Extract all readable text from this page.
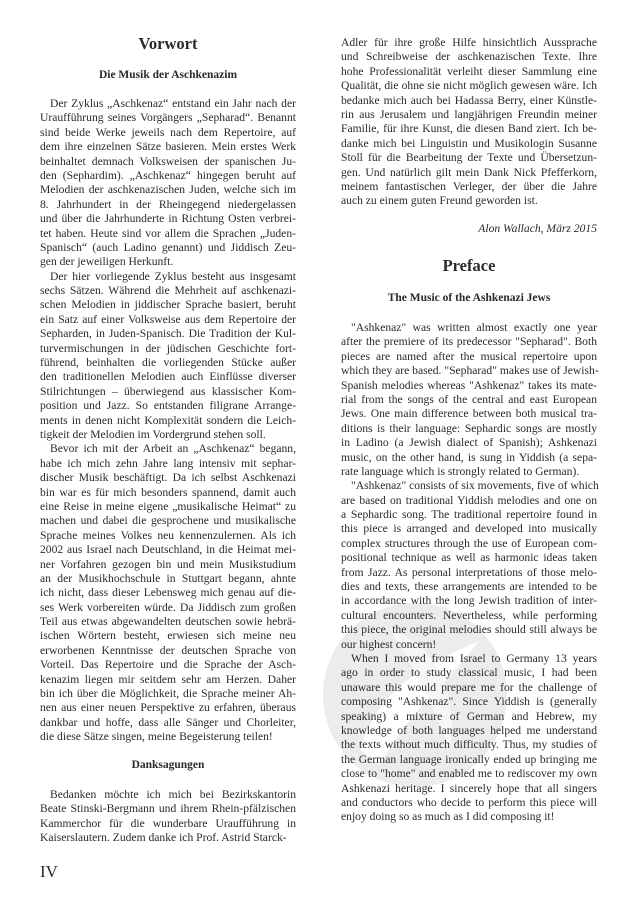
Vorwort
Die Musik der Aschkenazim
Der Zyklus „Aschkenaz“ entstand ein Jahr nach der
Uraufführung seines Vorgängers „Sepharad“. Benannt
sind beide Werke jeweils nach dem Repertoire, auf
dem ihre einzelnen Sätze basieren. Mein erstes Werk
beinhaltet demnach Volksweisen der spanischen Ju-
den (Sephardim). „Aschkenaz“ hingegen beruht auf
Melodien der aschkenazischen Juden, welche sich im
8. Jahrhundert in der Rheingegend niedergelassen
und über die Jahrhunderte in Richtung Osten verbrei-
tet haben. Heute sind vor allem die Sprachen „Juden-
Spanisch“ (auch Ladino genannt) und Jiddisch Zeu-
gen der jeweiligen Herkunft.
Der hier vorliegende Zyklus besteht aus insgesamt
sechs Sätzen. Während die Mehrheit auf aschkenazi-
schen Melodien in jiddischer Sprache basiert, beruht
ein Satz auf einer Volksweise aus dem Repertoire der
Sepharden, in Juden-Spanisch. Die Tradition der Kul-
turvermischungen in der jüdischen Geschichte fort-
führend, beinhalten die vorliegenden Stücke außer
den traditionellen Melodien auch Einflüsse diverser
Stilrichtungen – überwiegend aus klassischer Kom-
position und Jazz. So entstanden filigrane Arrange-
ments in denen nicht Komplexität sondern die Leich-
tigkeit der Melodien im Vordergrund stehen soll.
Bevor ich mit der Arbeit an „Aschkenaz“ begann,
habe ich mich zehn Jahre lang intensiv mit sephar-
discher Musik beschäftigt. Da ich selbst Aschkenazi
bin war es für mich besonders spannend, damit auch
eine Reise in meine eigene „musikalische Heimat“ zu
machen und dabei die gesprochene und musikalische
Sprache meines Volkes neu kennenzulernen. Als ich
2002 aus Israel nach Deutschland, in die Heimat mei-
ner Vorfahren gezogen bin und mein Musikstudium
an der Musikhochschule in Stuttgart begann, ahnte
ich nicht, dass dieser Lebensweg mich genau auf die-
ses Werk vorbereiten würde. Da Jiddisch zum großen
Teil aus etwas abgewandelten deutschen sowie hebrä-
ischen Wörtern besteht, erwiesen sich meine neu
erworbenen Kenntnisse der deutschen Sprache von
Vorteil. Das Repertoire und die Sprache der Asch-
kenazim liegen mir seitdem sehr am Herzen. Daher
bin ich über die Möglichkeit, die Sprache meiner Ah-
nen aus einer neuen Perspektive zu erfahren, überaus
dankbar und hoffe, dass alle Sänger und Chorleiter,
die diese Sätze singen, meine Begeisterung teilen!
Danksagungen
Bedanken möchte ich mich bei Bezirkskantorin
Beate Stinski-Bergmann und ihrem Rhein-pfälzischen
Kammerchor für die wunderbare Uraufführung in
Kaiserslautern. Zudem danke ich Prof. Astrid Starck-
IV
Adler für ihre große Hilfe hinsichtlich Aussprache
und Schreibweise der aschkenazischen Texte. Ihre
hohe Professionalität verleiht dieser Sammlung eine
Qualität, die ohne sie nicht möglich gewesen wäre. Ich
bedanke mich auch bei Hadassa Berry, einer Künstle-
rin aus Jerusalem und langjährigen Freundin meiner
Familie, für ihre Kunst, die diesen Band ziert. Ich be-
danke mich bei Linguistin und Musikologin Susanne
Stoll für die Bearbeitung der Texte und Übersetzun-
gen. Und natürlich gilt mein Dank Nick Pfefferkorn,
meinem fantastischen Verleger, der über die Jahre
auch zu einem guten Freund geworden ist.
Alon Wallach, März 2015
Preface
The Music of the Ashkenazi Jews
"Ashkenaz" was written almost exactly one year
after the premiere of its predecessor "Sepharad". Both
pieces are named after the musical repertoire upon
which they are based. "Sepharad" makes use of Jewish-
Spanish melodies whereas "Ashkenaz" takes its mate-
rial from the songs of the central and east European
Jews. One main difference between both musical tra-
ditions is their language: Sephardic songs are mostly
in Ladino (a Jewish dialect of Spanish); Ashkenazi
music, on the other hand, is sung in Yiddish (a sepa-
rate language which is strongly related to German).
"Ashkenaz" consists of six movements, five of which
are based on traditional Yiddish melodies and one on
a Sephardic song. The traditional repertoire found in
this piece is arranged and developed into musically
complex structures through the use of European com-
positional technique as well as harmonic ideas taken
from Jazz. As personal interpretations of those melo-
dies and texts, these arrangements are intended to be
in accordance with the long Jewish tradition of inter-
cultural encounters. Nevertheless, while performing
this piece, the original melodies should still always be
our highest concern!
When I moved from Israel to Germany 13 years
ago in order to study classical music, I had been
unaware this would prepare me for the challenge of
composing "Ashkenaz". Since Yiddish is (generally
speaking) a mixture of German and Hebrew, my
knowledge of both languages helped me understand
the texts without much difficulty. Thus, my studies of
the German language ironically ended up bringing me
close to "home" and enabled me to rediscover my own
Ashkenazi heritage. I sincerely hope that all singers
and conductors who decide to perform this piece will
enjoy doing so as much as I did composing it!
